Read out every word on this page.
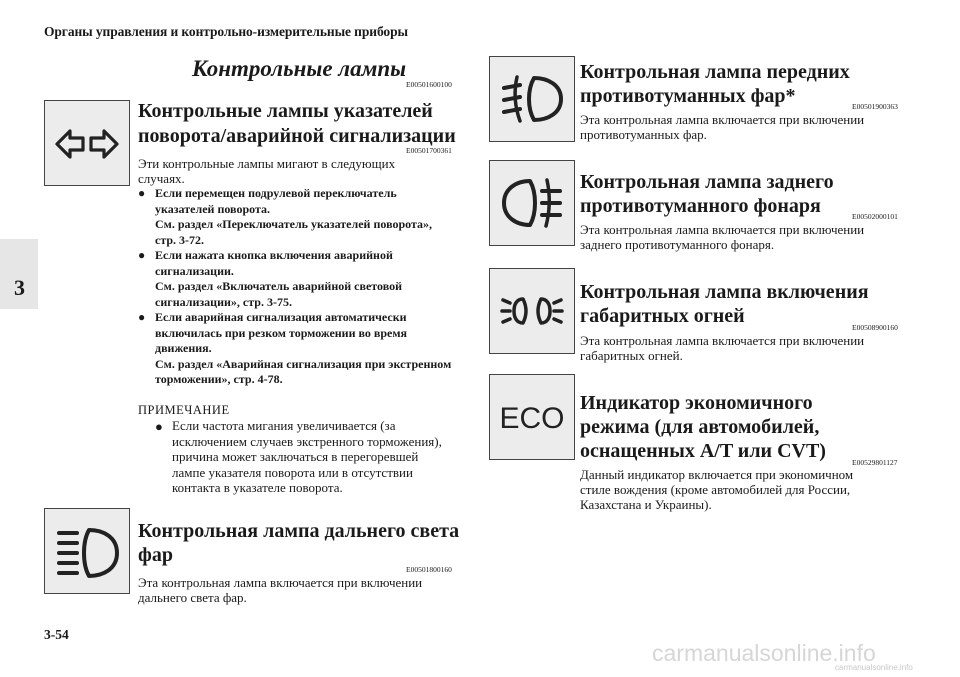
Органы управления и контрольно-измерительные приборы
3
Контрольные лампы
E00501600100
Контрольные лампы указателей
поворота/аварийной сигнализации
E00501700361
Эти контрольные лампы мигают в следующих
случаях.
● Если перемещен подрулевой переключатель
указателей поворота.
См. раздел «Переключатель указателей поворота»,
стр. 3-72.
● Если нажата кнопка включения аварийной
сигнализации.
См. раздел «Включатель аварийной световой
сигнализации», стр. 3-75.
● Если аварийная сигнализация автоматически
включилась при резком торможении во время
движения.
См. раздел «Аварийная сигнализация при экстренном
торможении», стр. 4-78.
ПРИМЕЧАНИЕ
● Если частота мигания увеличивается (за
исключением случаев экстренного торможения),
причина может заключаться в перегоревшей
лампе указателя поворота или в отсутствии
контакта в указателе поворота.
Контрольная лампа дальнего света
фар
E00501800160
Эта контрольная лампа включается при включении
дальнего света фар.
Контрольная лампа передних
противотуманных фар*	E00501900363
Эта контрольная лампа включается при включении
противотуманных фар.
Контрольная лампа заднего
противотуманного фонаря	E00502000101
Эта контрольная лампа включается при включении
заднего противотуманного фонаря.
Контрольная лампа включения
габаритных огней
E00508900160
Эта контрольная лампа включается при включении
габаритных огней.
ECO Индикатор экономичного
режима (для автомобилей,
оснащенных A/T или CVT)
E00529801127
Данный индикатор включается при экономичном
стиле вождения (кроме автомобилей для России,
Казахстана и Украины).
3-54
carmanualsonline.info
carmanualsonline.info
